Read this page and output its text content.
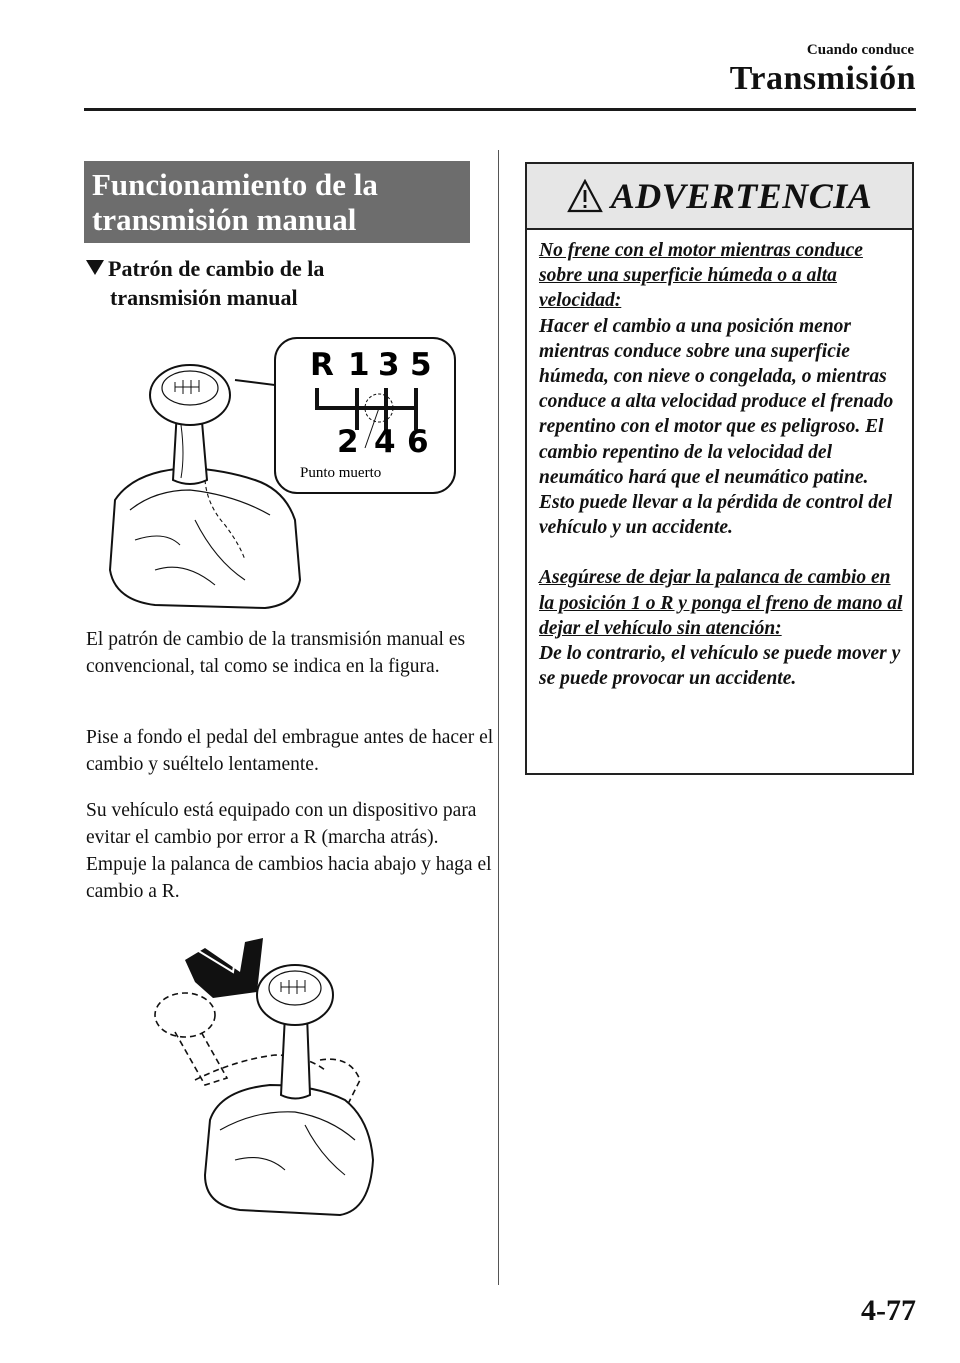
Cuando conduce
Transmisión
Funcionamiento de la
transmisión manual
Patrón de cambio de la
transmisión manual
R 1 3 5
2 4 6
Punto muerto
El patrón de cambio de la transmisión manual es convencional, tal como se indica en la figura.
Pise a fondo el pedal del embrague antes de hacer el cambio y suéltelo lentamente.
Su vehículo está equipado con un dispositivo para evitar el cambio por error a R (marcha atrás). Empuje la palanca de cambios hacia abajo y haga el cambio a R.
ADVERTENCIA
No frene con el motor mientras conduce sobre una superficie húmeda o a alta velocidad:
Hacer el cambio a una posición menor mientras conduce sobre una superficie húmeda, con nieve o congelada, o mientras conduce a alta velocidad produce el frenado repentino con el motor que es peligroso. El cambio repentino de la velocidad del neumático hará que el neumático patine. Esto puede llevar a la pérdida de control del vehículo y un accidente.
Asegúrese de dejar la palanca de cambio en la posición 1 o R y ponga el freno de mano al dejar el vehículo sin atención:
De lo contrario, el vehículo se puede mover y se puede provocar un accidente.
4-77
